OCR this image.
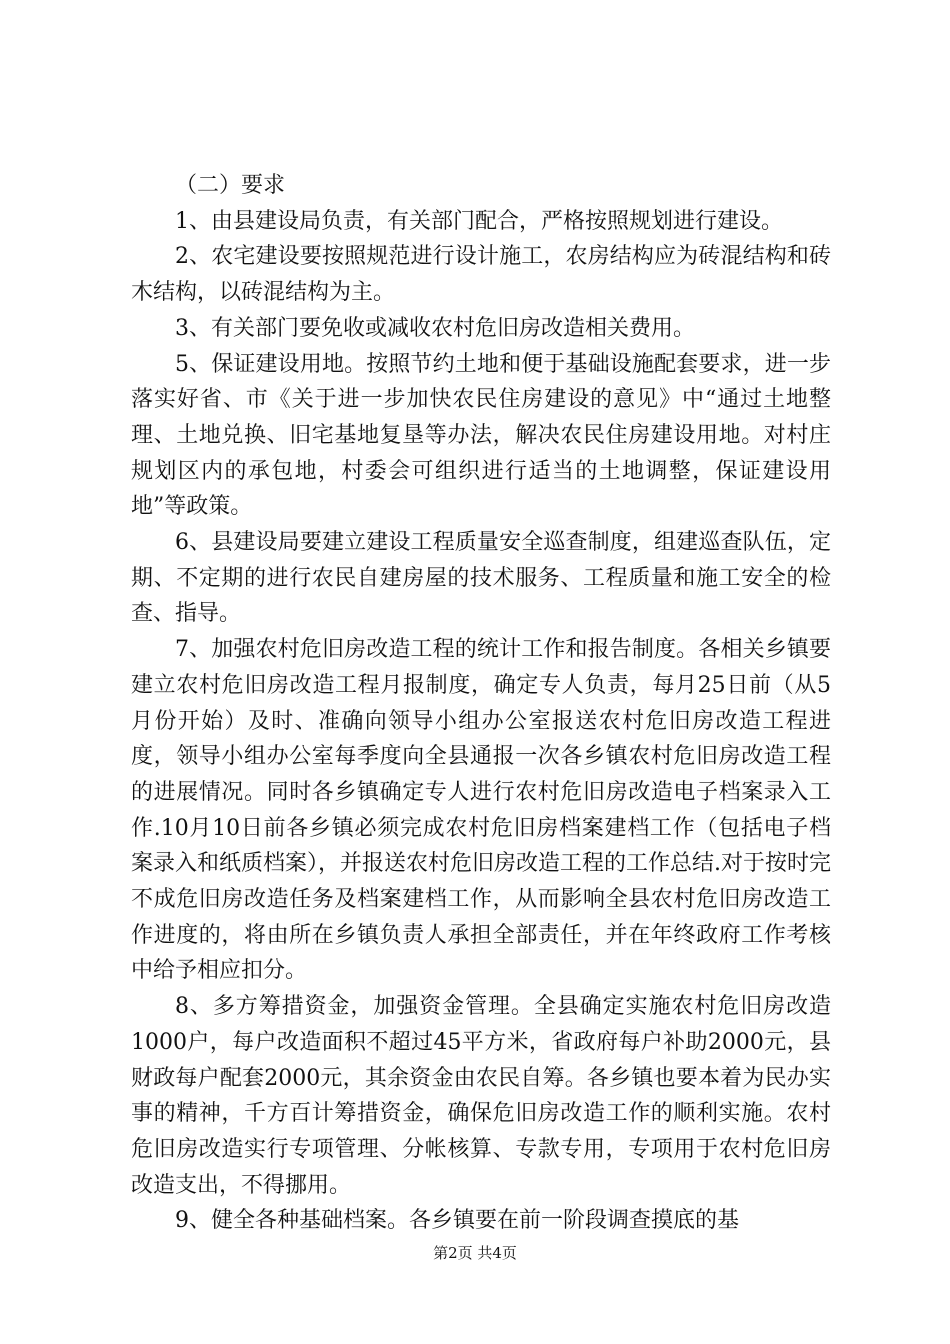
（二）要求

1、由县建设局负责，有关部门配合，严格按照规划进行建设。

2、农宅建设要按照规范进行设计施工，农房结构应为砖混结构和砖木结构，以砖混结构为主。

3、有关部门要免收或减收农村危旧房改造相关费用。

5、保证建设用地。按照节约土地和便于基础设施配套要求，进一步落实好省、市《关于进一步加快农民住房建设的意见》中“通过土地整理、土地兑换、旧宅基地复垦等办法，解决农民住房建设用地。对村庄规划区内的承包地，村委会可组织进行适当的土地调整，保证建设用地”等政策。

6、县建设局要建立建设工程质量安全巡查制度，组建巡查队伍，定期、不定期的进行农民自建房屋的技术服务、工程质量和施工安全的检查、指导。

7、加强农村危旧房改造工程的统计工作和报告制度。各相关乡镇要建立农村危旧房改造工程月报制度，确定专人负责，每月25日前（从5月份开始）及时、准确向领导小组办公室报送农村危旧房改造工程进度，领导小组办公室每季度向全县通报一次各乡镇农村危旧房改造工程的进展情况。同时各乡镇确定专人进行农村危旧房改造电子档案录入工作.10月10日前各乡镇必须完成农村危旧房档案建档工作（包括电子档案录入和纸质档案），并报送农村危旧房改造工程的工作总结.对于按时完不成危旧房改造任务及档案建档工作，从而影响全县农村危旧房改造工作进度的，将由所在乡镇负责人承担全部责任，并在年终政府工作考核中给予相应扣分。

8、多方筹措资金，加强资金管理。全县确定实施农村危旧房改造1000户，每户改造面积不超过45平方米，省政府每户补助2000元，县财政每户配套2000元，其余资金由农民自筹。各乡镇也要本着为民办实事的精神，千方百计筹措资金，确保危旧房改造工作的顺利实施。农村危旧房改造实行专项管理、分帐核算、专款专用，专项用于农村危旧房改造支出，不得挪用。

9、健全各种基础档案。各乡镇要在前一阶段调查摸底的基

第2页 共4页
